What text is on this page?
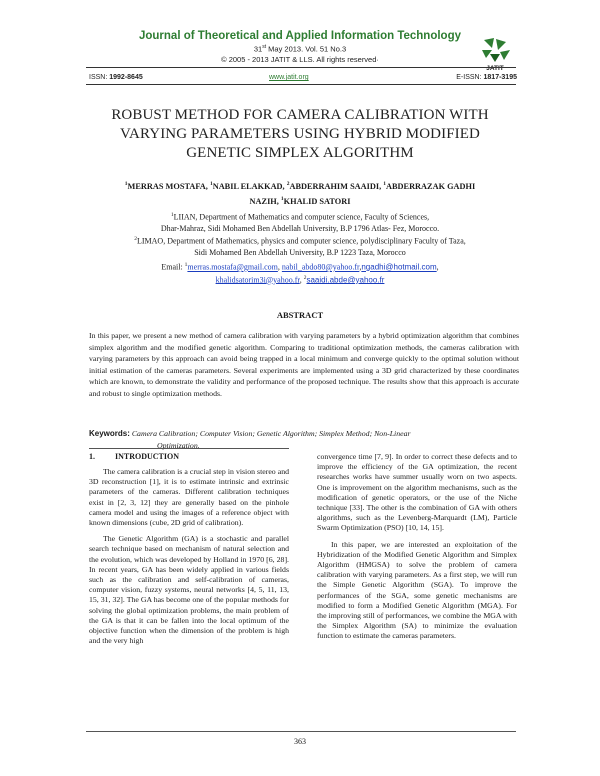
Journal of Theoretical and Applied Information Technology
31st May 2013. Vol. 51 No.3
© 2005 - 2013 JATIT & LLS. All rights reserved·
JATIT
ISSN: 1992-8645	www.jatit.org	E-ISSN: 1817-3195
ROBUST METHOD FOR CAMERA CALIBRATION WITH
VARYING PARAMETERS USING HYBRID MODIFIED
GENETIC SIMPLEX ALGORITHM
$^1$MERRAS MOSTAFA, $^1$NABIL ELAKKAD, $^2$ABDERRAHIM SAAIDI, $^1$ABDERRAZAK GADHI
NAZIH, $^1$KHALID SATORI
$^1$LIIAN, Department of Mathematics and computer science, Faculty of Sciences,
Dhar-Mahraz, Sidi Mohamed Ben Abdellah University, B.P 1796 Atlas- Fez, Morocco.
$^2$LIMAO, Department of Mathematics, physics and computer science, polydisciplinary Faculty of Taza,
Sidi Mohamed Ben Abdellah University, B.P 1223 Taza, Morocco
Email: $^1$merras.mostafa@gmail.com, nabil_abdo80@yahoo.fr,ngadhi@hotmail.com,
khalidsatorim3i@yahoo.fr, $^2$saaidi.abde@yahoo.fr
ABSTRACT
In this paper, we present a new method of camera calibration with varying parameters by a hybrid optimization algorithm that combines simplex algorithm and the modified genetic algorithm. Comparing to traditional optimization methods, the cameras calibration with varying parameters by this approach can avoid being trapped in a local minimum and converge quickly to the optimal solution without initial estimation of the cameras parameters. Several experiments are implemented using a 3D grid characterized by these coordinates which are known, to demonstrate the validity and performance of the proposed technique. The results show that this approach is accurate and robust to single optimization methods.
Keywords: Camera Calibration; Computer Vision; Genetic Algorithm; Simplex Method; Non-Linear
Optimization.
1.	INTRODUCTION

The camera calibration is a crucial step in vision stereo and 3D reconstruction [1], it is to estimate intrinsic and extrinsic parameters of the cameras. Different calibration techniques exist in [2, 3, 12] they are generally based on the pinhole camera model and using the images of a reference object with known dimensions (cube, 2D grid of calibration).

The Genetic Algorithm (GA) is a stochastic and parallel search technique based on mechanism of natural selection and the evolution, which was developed by Holland in 1970 [6, 28]. In recent years, GA has been widely applied in various fields such as the calibration and self-calibration of cameras, computer vision, fuzzy systems, neural networks [4, 5, 11, 13, 15, 31, 32]. The GA has become one of the popular methods for solving the global optimization problems, the main problem of the GA is that it can be fallen into the local optimum of the objective function when the dimension of the problem is high and the very high

convergence time [7, 9]. In order to correct these defects and to improve the efficiency of the GA optimization, the recent researches works have summer usually worn on two aspects. One is improvement on the algorithm mechanisms, such as the modification of genetic operators, or the use of the Niche technique [33]. The other is the combination of GA with others algorithms, such as the Levenberg-Marquardt (LM), Particle Swarm Optimization (PSO) [10, 14, 15].

In this paper, we are interested an exploitation of the Hybridization of the Modified Genetic Algorithm and Simplex Algorithm (HMGSA) to solve the problem of camera calibration with varying parameters. As a first step, we will run the Simple Genetic Algorithm (SGA). To improve the performances of the SGA, some genetic mechanisms are modified to form a Modified Genetic Algorithm (MGA). For the improving still of performances, we combine the MGA with the Simplex Algorithm (SA) to minimize the evaluation function to estimate the cameras parameters.

363
